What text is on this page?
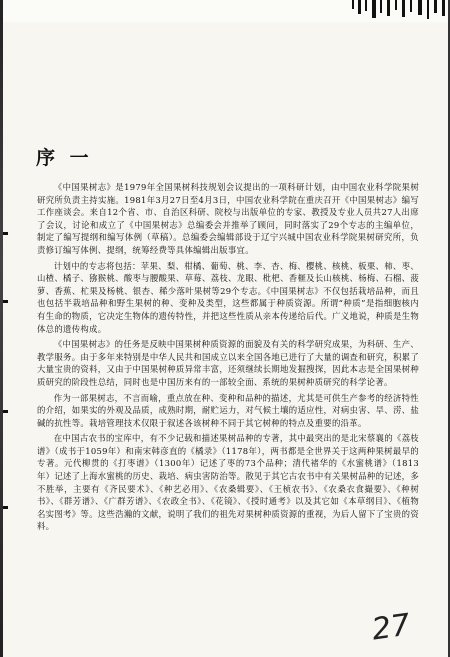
序 一

《中国果树志》是1979年全国果树科技规划会议提出的一项科研计划，由中国农业科学院果树研究所负责主持实施。1981年3月27日至4月3日，中国农业科学院在重庆召开《中国果树志》编写工作座谈会。来自12个省、市、自治区科研、院校与出版单位的专家、教授及专业人员共27人出席了会议，讨论和成立了《中国果树志》总编委会并推举了顾问，同时落实了29个专志的主编单位，制定了编写提纲和编写体例（草稿）。总编委会编辑部设于辽宁兴城中国农业科学院果树研究所，负责修订编写体例、提纲，统筹经费等具体编辑出版事宜。

计划中的专志将包括：苹果、梨、柑橘、葡萄、桃、李、杏、梅、樱桃、核桃、板栗、柿、枣、山楂、橘子、猕猴桃、酸枣与腰酸果、草莓、荔枝、龙眼、枇杷、香榧及长山核桃、杨梅、石榴、菠萝、香蕉、杧果及杨桃、银杏、稀少落叶果树等29个专志。《中国果树志》不仅包括栽培品种，而且也包括半栽培品种和野生果树的种、变种及类型，这些都属于种质资源。所谓“种质”是指细胞核内有生命的物质，它决定生物体的遗传特性，并把这些性质从亲本传递给后代。广义地说，种质是生物体总的遗传构成。

《中国果树志》的任务是反映中国果树种质资源的面貌及有关的科学研究成果，为科研、生产、教学服务。由于多年来特别是中华人民共和国成立以来全国各地已进行了大量的调查和研究，积累了大量宝贵的资料，又由于中国果树种质异常丰富，还须继续长期地发掘搜探，因此本志是全国果树种质研究的阶段性总结，同时也是中国历来有的一部较全面、系统的果树种质研究的科学论著。

作为一部果树志，不言而喻，重点放在种、变种和品种的描述，尤其是可供生产参考的经济特性的介绍，如果实的外观及品质，成熟时期，耐贮运力，对气候土壤的适应性，对病虫害、旱、涝、盐碱的抗性等。栽培管理技术仅限于叙述各该树种不同于其它树种的特点及重要的沿革。

在中国古农书的宝库中，有不少记载和描述果树品种的专著，其中最突出的是北宋蔡襄的《荔枝谱》（成书于1059年）和南宋韩彦直的《橘录》（1178年），两书都是全世界关于这两种果树最早的专著。元代柳贯的《打枣谱》（1300年）记述了枣的73个品种；清代褚华的《水蜜桃谱》（1813年）记述了上海水蜜桃的历史、栽培、病虫害防治等。散见于其它古农书中有关果树品种的记述，多不胜举，主要有《齐民要术》、《种艺必用》、《农桑辑要》、《王桢农书》、《农桑衣食撮要》、《种树书》、《群芳谱》、《广群芳谱》、《农政全书》、《花镜》、《授时通考》以及其它如《本草纲目》、《植物名实图考》等。这些浩瀚的文献，说明了我们的祖先对果树种质资源的重视，为后人留下了宝贵的资料。

27
